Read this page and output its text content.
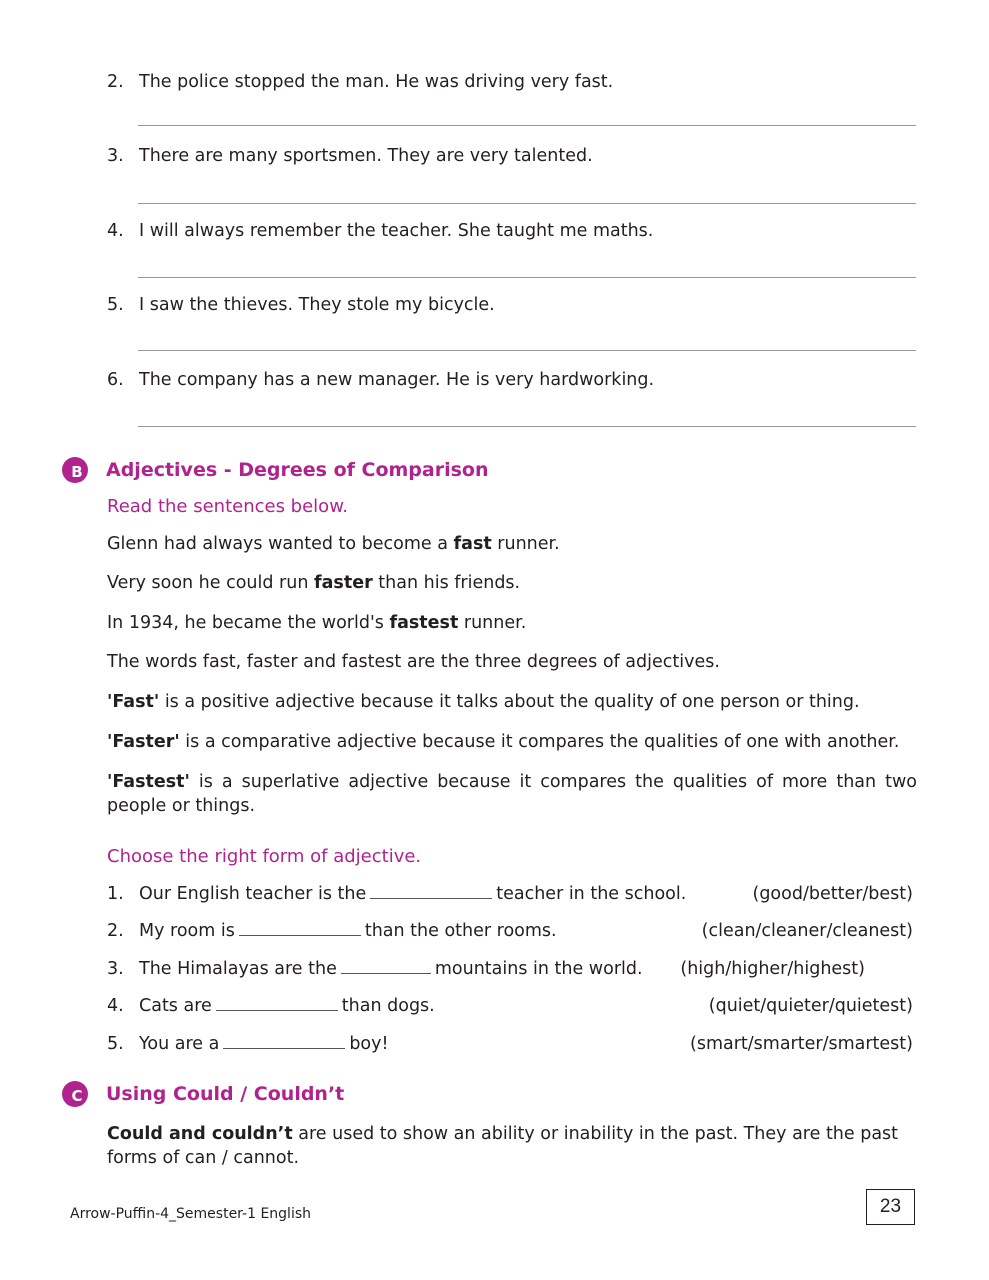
2. The police stopped the man. He was driving very fast.
3. There are many sportsmen. They are very talented.
4. I will always remember the teacher. She taught me maths.
5. I saw the thieves. They stole my bicycle.
6. The company has a new manager. He is very hardworking.
B	Adjectives - Degrees of Comparison
Read the sentences below.
Glenn had always wanted to become a fast runner.
Very soon he could run faster than his friends.
In 1934, he became the world's fastest runner.
The words fast, faster and fastest are the three degrees of adjectives.
'Fast' is a positive adjective because it talks about the quality of one person or thing.
'Faster' is a comparative adjective because it compares the qualities of one with another.
'Fastest' is a superlative adjective because it compares the qualities of more than two people or things.
Choose the right form of adjective.
1. Our English teacher is the	teacher in the school.	(good/better/best)
2. My room is	than the other rooms.	(clean/cleaner/cleanest)
3. The Himalayas are the	mountains in the world. (high/higher/highest)
4. Cats are	than dogs.	(quiet/quieter/quietest)
5. You are a	boy!	(smart/smarter/smartest)
C	Using Could / Couldn’t
Could and couldn’t are used to show an ability or inability in the past. They are the past forms of can / cannot.
Arrow-Puffin-4_Semester-1 English	23
